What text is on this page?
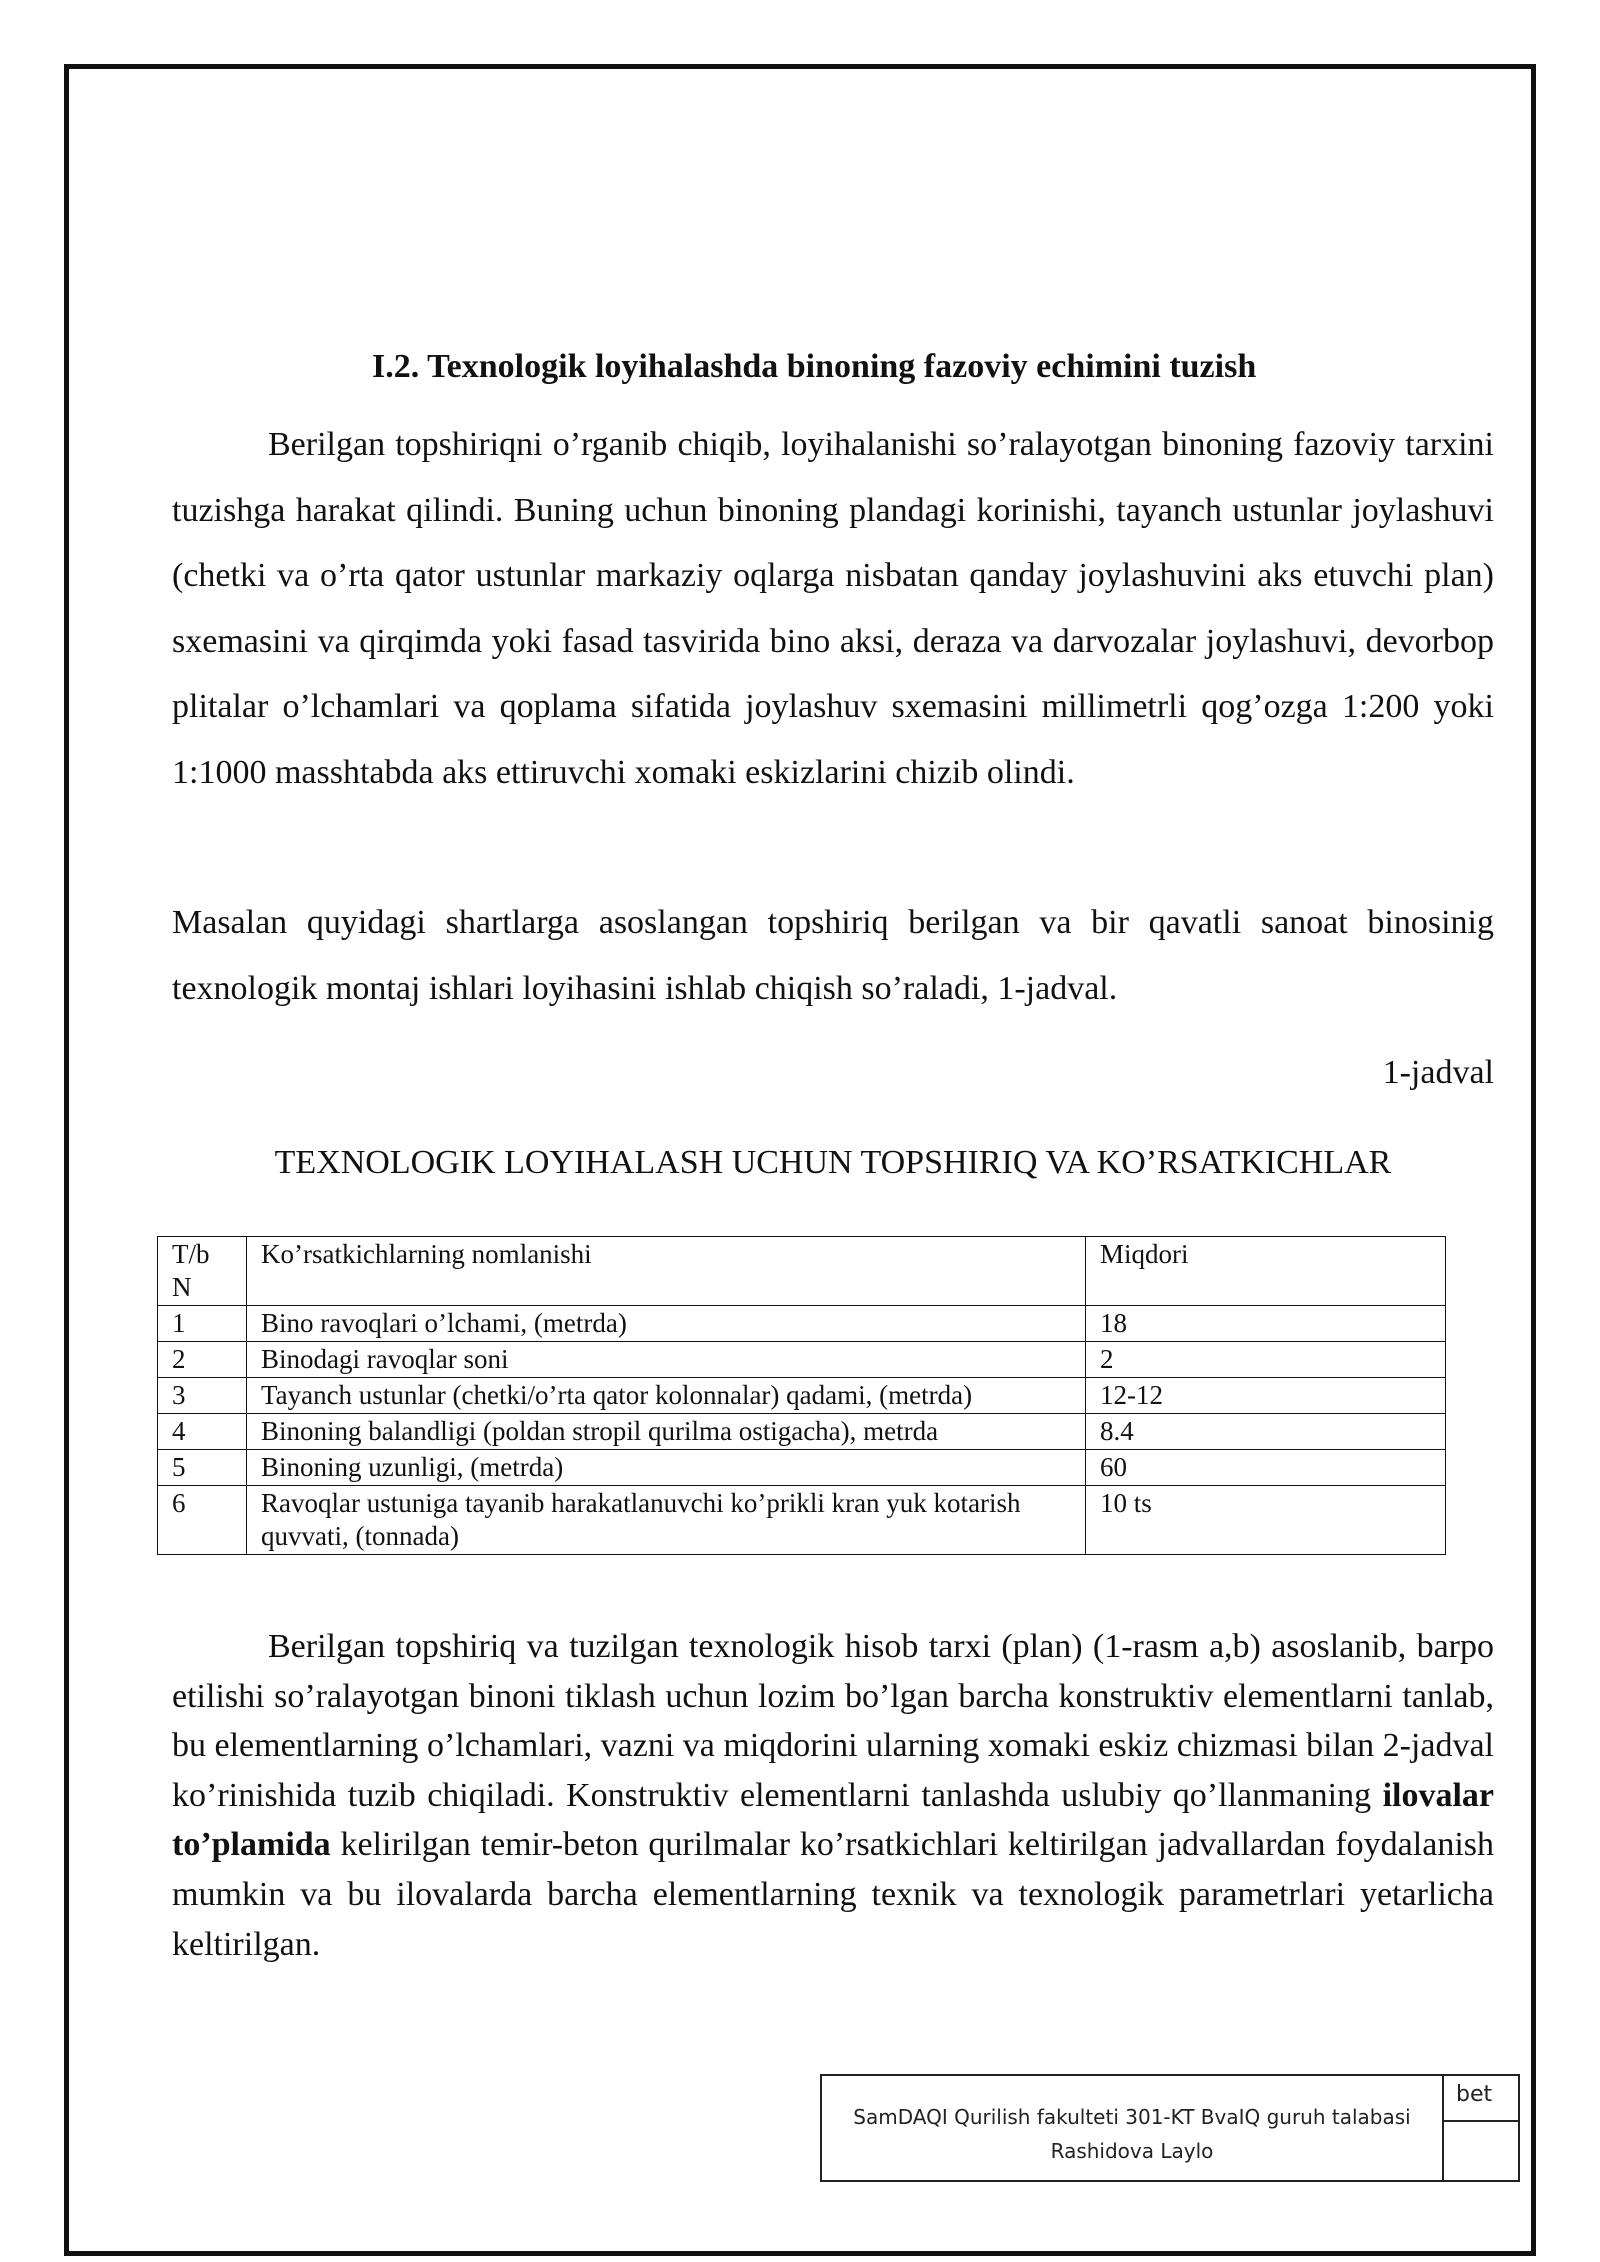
I.2. Texnologik loyihalashda binoning fazoviy echimini tuzish

Berilgan topshiriqni o’rganib chiqib, loyihalanishi so’ralayotgan binoning fazoviy tarxini tuzishga harakat qilindi. Buning uchun binoning plandagi korinishi, tayanch ustunlar joylashuvi (chetki va o’rta qator ustunlar markaziy oqlarga nisbatan qanday joylashuvini aks etuvchi plan) sxemasini va qirqimda yoki fasad tasvirida bino aksi, deraza va darvozalar joylashuvi, devorbop plitalar o’lchamlari va qoplama sifatida joylashuv sxemasini millimetrli qog’ozga 1:200 yoki 1:1000 masshtabda aks ettiruvchi xomaki eskizlarini chizib olindi.

Masalan quyidagi shartlarga asoslangan topshiriq berilgan va bir qavatli sanoat binosinig texnologik montaj ishlari loyihasini ishlab chiqish so’raladi, 1-jadval.

1-jadval

TEXNOLOGIK LOYIHALASH UCHUN TOPSHIRIQ VA KO’RSATKICHLAR

T/b N	Ko’rsatkichlarning nomlanishi	Miqdori
1	Bino ravoqlari o’lchami, (metrda)	18
2	Binodagi ravoqlar soni	2
3	Tayanch ustunlar (chetki/o’rta qator kolonnalar) qadami, (metrda)	12-12
4	Binoning balandligi (poldan stropil qurilma ostigacha), metrda	8.4
5	Binoning uzunligi, (metrda)	60
6	Ravoqlar ustuniga tayanib harakatlanuvchi ko’prikli kran yuk kotarish quvvati, (tonnada)	10 ts

Berilgan topshiriq va tuzilgan texnologik hisob tarxi (plan) (1-rasm a,b) asoslanib, barpo etilishi so’ralayotgan binoni tiklash uchun lozim bo’lgan barcha konstruktiv elementlarni tanlab, bu elementlarning o’lchamlari, vazni va miqdorini ularning xomaki eskiz chizmasi bilan 2-jadval ko’rinishida tuzib chiqiladi. Konstruktiv elementlarni tanlashda uslubiy qo’llanmaning ilovalar to’plamida kelirilgan temir-beton qurilmalar ko’rsatkichlari keltirilgan jadvallardan foydalanish mumkin va bu ilovalarda barcha elementlarning texnik va texnologik parametrlari yetarlicha keltirilgan.

SamDAQI Qurilish fakulteti 301-KT BvaIQ guruh talabasi
Rashidova Laylo
bet
